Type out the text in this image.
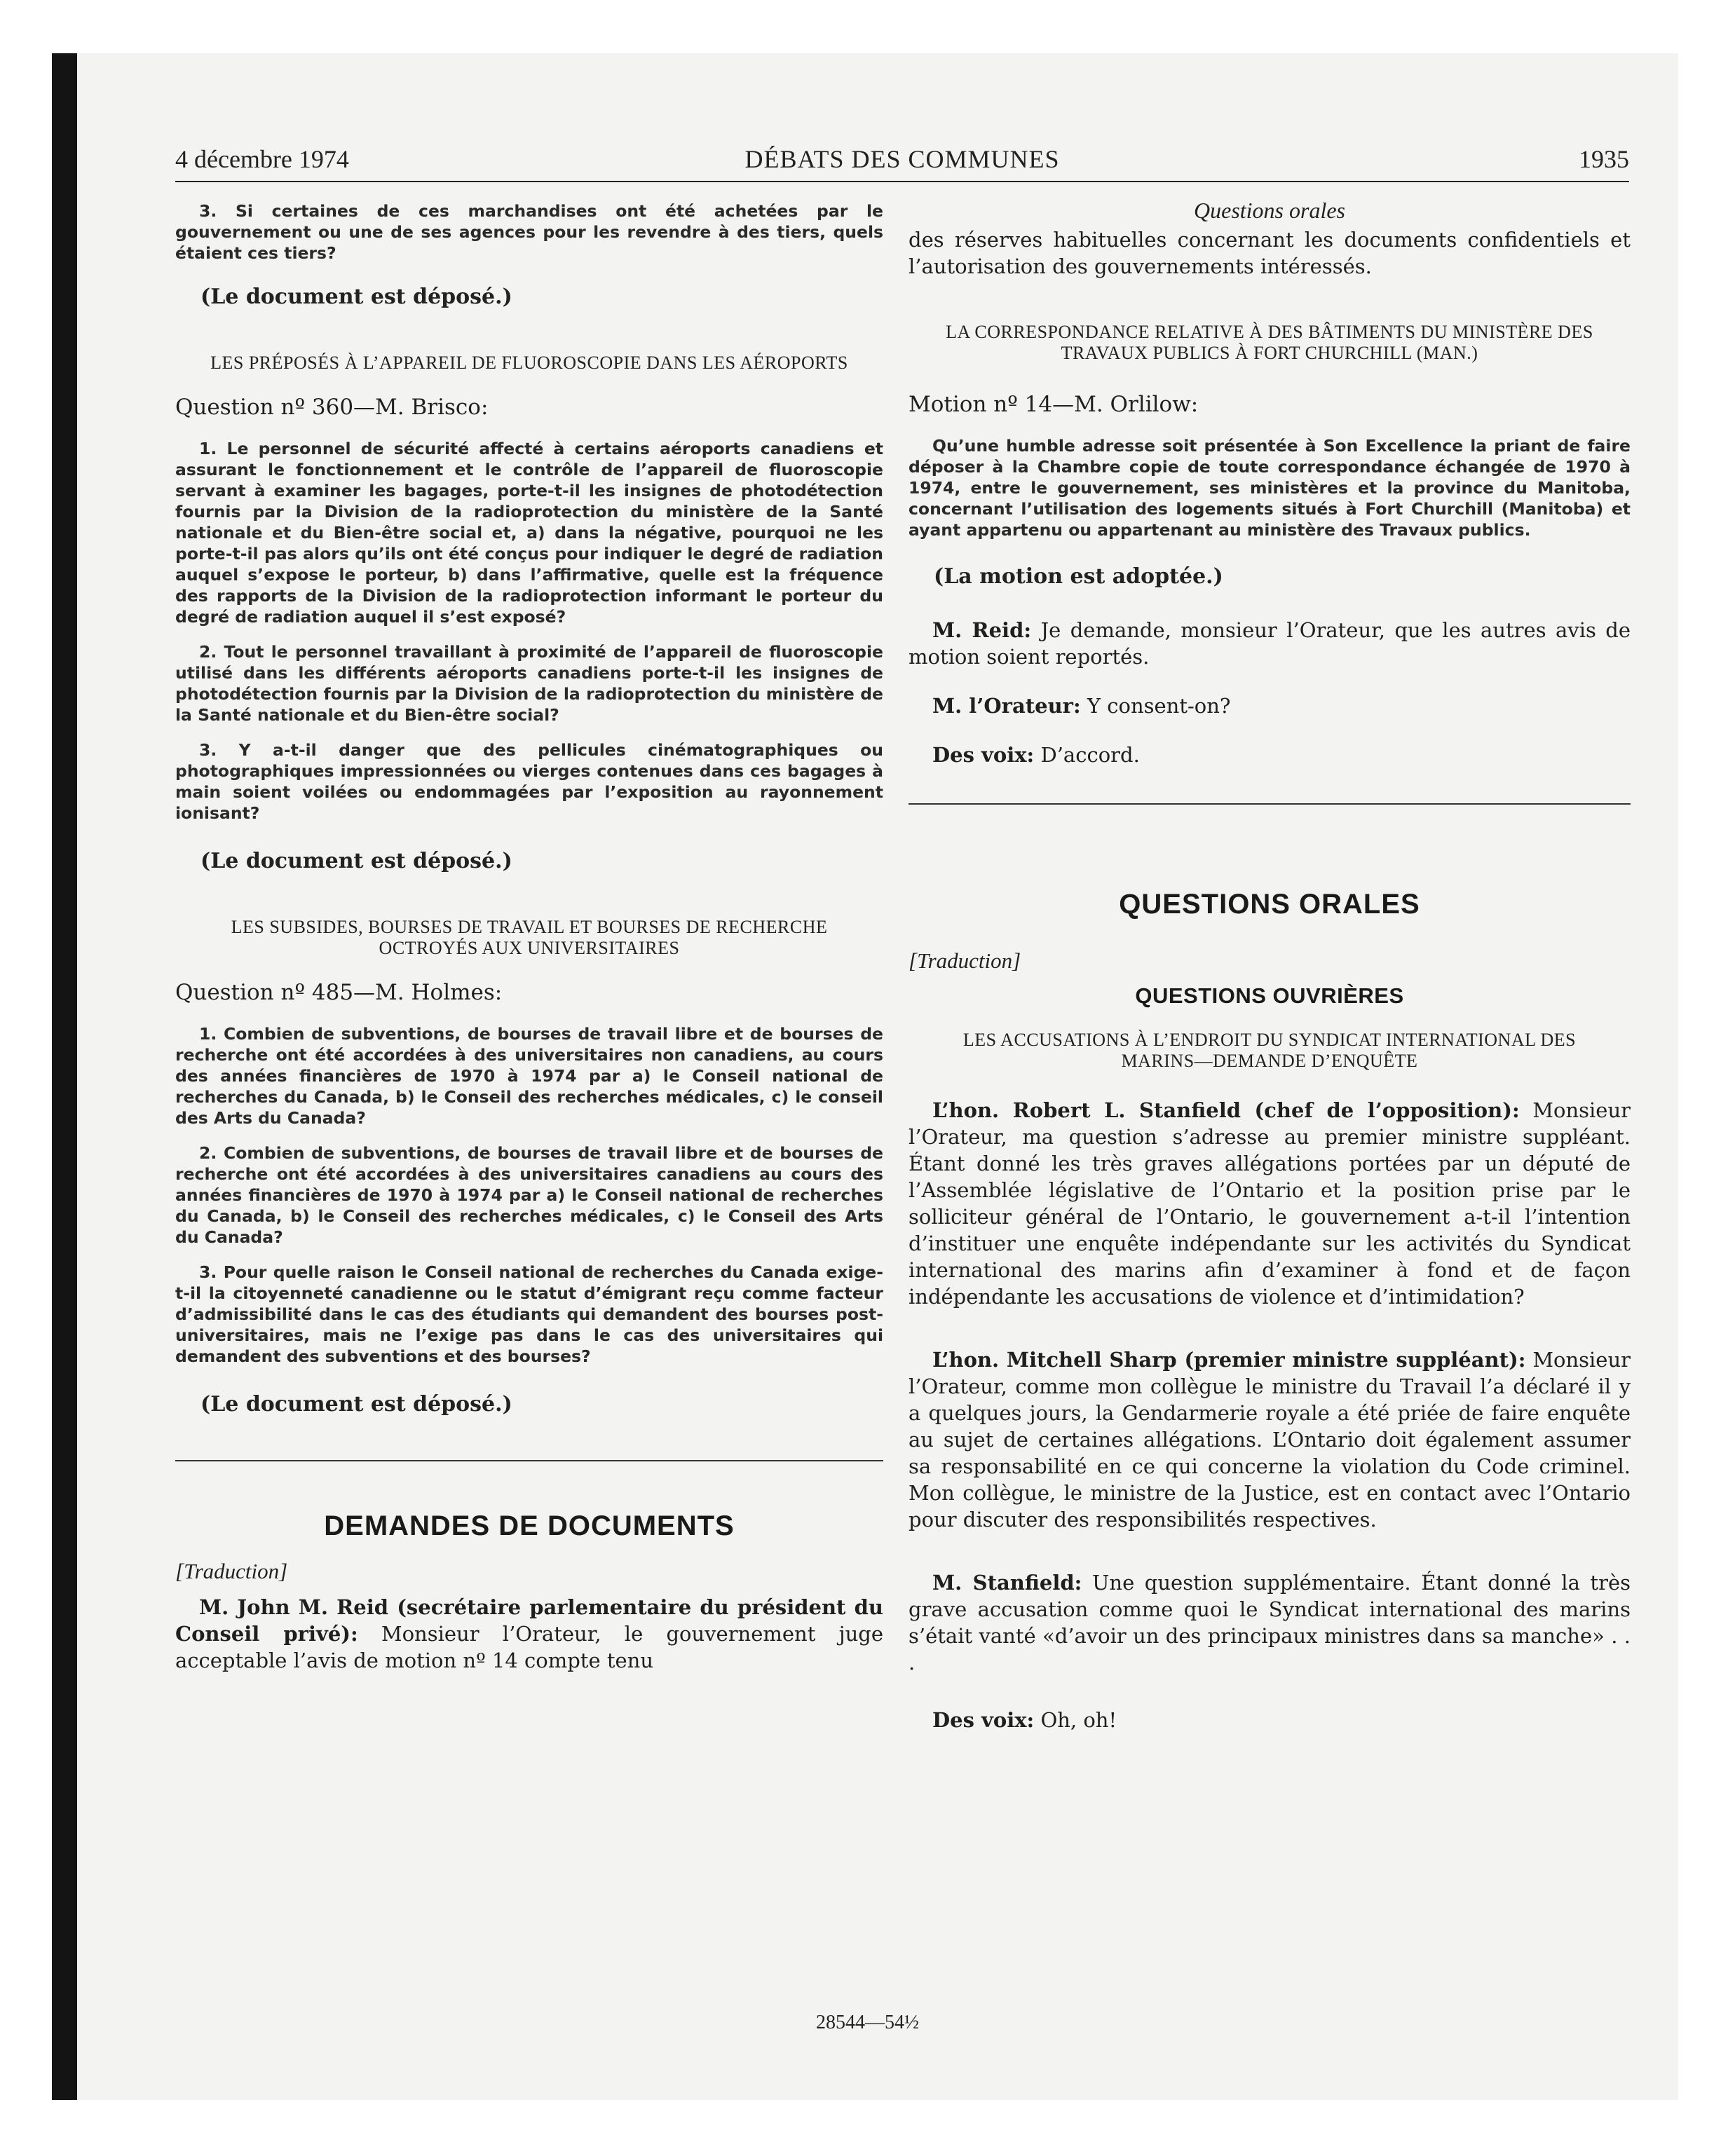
4 décembre 1974	DÉBATS DES COMMUNES	1935

3. Si certaines de ces marchandises ont été achetées par le gouvernement ou une de ses agences pour les revendre à des tiers, quels étaient ces tiers?

(Le document est déposé.)
LES PRÉPOSÉS À L’APPAREIL DE FLUOROSCOPIE DANS LES AÉROPORTS
Question nº 360—M. Brisco:

1. Le personnel de sécurité affecté à certains aéroports canadiens et assurant le fonctionnement et le contrôle de l’appareil de fluoroscopie servant à examiner les bagages, porte-t-il les insignes de photodétection fournis par la Division de la radioprotection du ministère de la Santé nationale et du Bien-être social et, a) dans la négative, pourquoi ne les porte-t-il pas alors qu’ils ont été conçus pour indiquer le degré de radiation auquel s’expose le porteur, b) dans l’affirmative, quelle est la fréquence des rapports de la Division de la radioprotection informant le porteur du degré de radiation auquel il s’est exposé?

2. Tout le personnel travaillant à proximité de l’appareil de fluoroscopie utilisé dans les différents aéroports canadiens porte-t-il les insignes de photodétection fournis par la Division de la radioprotection du ministère de la Santé nationale et du Bien-être social?

3. Y a-t-il danger que des pellicules cinématographiques ou photographiques impressionnées ou vierges contenues dans ces bagages à main soient voilées ou endommagées par l’exposition au rayonnement ionisant?

(Le document est déposé.)
LES SUBSIDES, BOURSES DE TRAVAIL ET BOURSES DE RECHERCHE OCTROYÉS AUX UNIVERSITAIRES
Question nº 485—M. Holmes:

1. Combien de subventions, de bourses de travail libre et de bourses de recherche ont été accordées à des universitaires non canadiens, au cours des années financières de 1970 à 1974 par a) le Conseil national de recherches du Canada, b) le Conseil des recherches médicales, c) le conseil des Arts du Canada?

2. Combien de subventions, de bourses de travail libre et de bourses de recherche ont été accordées à des universitaires canadiens au cours des années financières de 1970 à 1974 par a) le Conseil national de recherches du Canada, b) le Conseil des recherches médicales, c) le Conseil des Arts du Canada?

3. Pour quelle raison le Conseil national de recherches du Canada exige-t-il la citoyenneté canadienne ou le statut d’émigrant reçu comme facteur d’admissibilité dans le cas des étudiants qui demandent des bourses post-universitaires, mais ne l’exige pas dans le cas des universitaires qui demandent des subventions et des bourses?

(Le document est déposé.)
DEMANDES DE DOCUMENTS
[Traduction]
M. John M. Reid (secrétaire parlementaire du président du Conseil privé): Monsieur l’Orateur, le gouvernement juge acceptable l’avis de motion nº 14 compte tenu
Questions orales
des réserves habituelles concernant les documents confidentiels et l’autorisation des gouvernements intéressés.
LA CORRESPONDANCE RELATIVE À DES BÂTIMENTS DU MINISTÈRE DES TRAVAUX PUBLICS À FORT CHURCHILL (MAN.)
Motion nº 14—M. Orlilow:

Qu’une humble adresse soit présentée à Son Excellence la priant de faire déposer à la Chambre copie de toute correspondance échangée de 1970 à 1974, entre le gouvernement, ses ministères et la province du Manitoba, concernant l’utilisation des logements situés à Fort Churchill (Manitoba) et ayant appartenu ou appartenant au ministère des Travaux publics.

(La motion est adoptée.)
M. Reid: Je demande, monsieur l’Orateur, que les autres avis de motion soient reportés.
M. l’Orateur: Y consent-on?
Des voix: D’accord.
QUESTIONS ORALES
[Traduction]
QUESTIONS OUVRIÈRES
LES ACCUSATIONS À L’ENDROIT DU SYNDICAT INTERNATIONAL DES MARINS—DEMANDE D’ENQUÊTE
L’hon. Robert L. Stanfield (chef de l’opposition): Monsieur l’Orateur, ma question s’adresse au premier ministre suppléant. Étant donné les très graves allégations portées par un député de l’Assemblée législative de l’Ontario et la position prise par le solliciteur général de l’Ontario, le gouvernement a-t-il l’intention d’instituer une enquête indépendante sur les activités du Syndicat international des marins afin d’examiner à fond et de façon indépendante les accusations de violence et d’intimidation?
L’hon. Mitchell Sharp (premier ministre suppléant): Monsieur l’Orateur, comme mon collègue le ministre du Travail l’a déclaré il y a quelques jours, la Gendarmerie royale a été priée de faire enquête au sujet de certaines allégations. L’Ontario doit également assumer sa responsabilité en ce qui concerne la violation du Code criminel. Mon collègue, le ministre de la Justice, est en contact avec l’Ontario pour discuter des responsibilités respectives.
M. Stanfield: Une question supplémentaire. Étant donné la très grave accusation comme quoi le Syndicat international des marins s’était vanté «d’avoir un des principaux ministres dans sa manche» . . .
Des voix: Oh, oh!
28544—54½
